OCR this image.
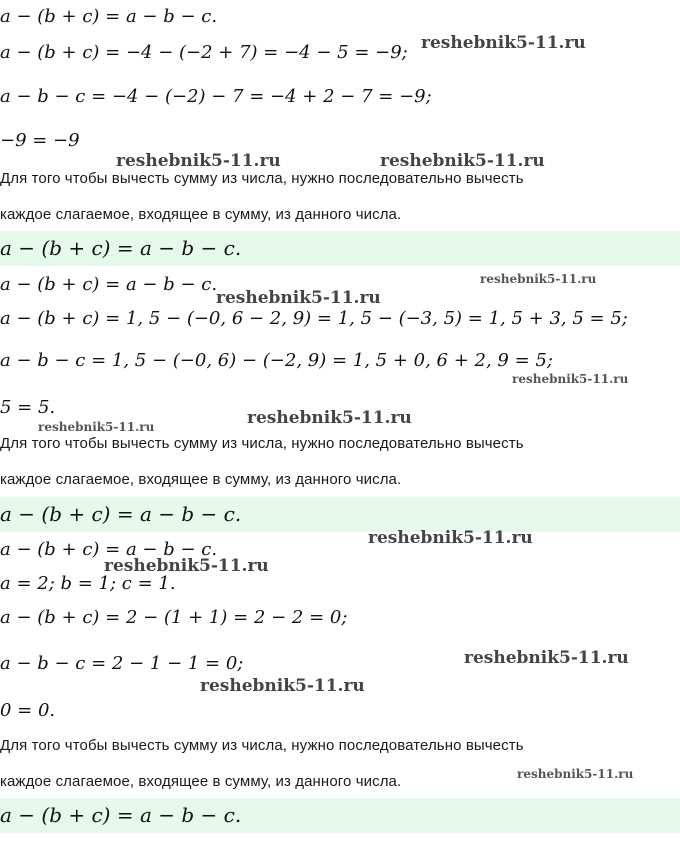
a − (b + c) = a − b − c.
a − (b + c) = −4 − (−2 + 7) = −4 − 5 = −9;
a − b − c = −4 − (−2) − 7 = −4 + 2 − 7 = −9;
−9 = −9
Для того чтобы вычесть сумму из числа, нужно последовательно вычесть
каждое слагаемое, входящее в сумму, из данного числа.
a − (b + c) = a − b − c.
a − (b + c) = a − b − c.
a − (b + c) = 1, 5 − (−0, 6 − 2, 9) = 1, 5 − (−3, 5) = 1, 5 + 3, 5 = 5;
a − b − c = 1, 5 − (−0, 6) − (−2, 9) = 1, 5 + 0, 6 + 2, 9 = 5;
5 = 5.
Для того чтобы вычесть сумму из числа, нужно последовательно вычесть
каждое слагаемое, входящее в сумму, из данного числа.
a − (b + c) = a − b − c.
a − (b + c) = a − b − c.
a = 2; b = 1; c = 1.
a − (b + c) = 2 − (1 + 1) = 2 − 2 = 0;
a − b − c = 2 − 1 − 1 = 0;
0 = 0.
Для того чтобы вычесть сумму из числа, нужно последовательно вычесть
каждое слагаемое, входящее в сумму, из данного числа.
a − (b + c) = a − b − c.
reshebnik5-11.ru
reshebnik5-11.ru	reshebnik5-11.ru
reshebnik5-11.ru
reshebnik5-11.ru
reshebnik5-11.ru
reshebnik5-11.ru	reshebnik5-11.ru
reshebnik5-11.ru
reshebnik5-11.ru
reshebnik5-11.ru
reshebnik5-11.ru
reshebnik5-11.ru
